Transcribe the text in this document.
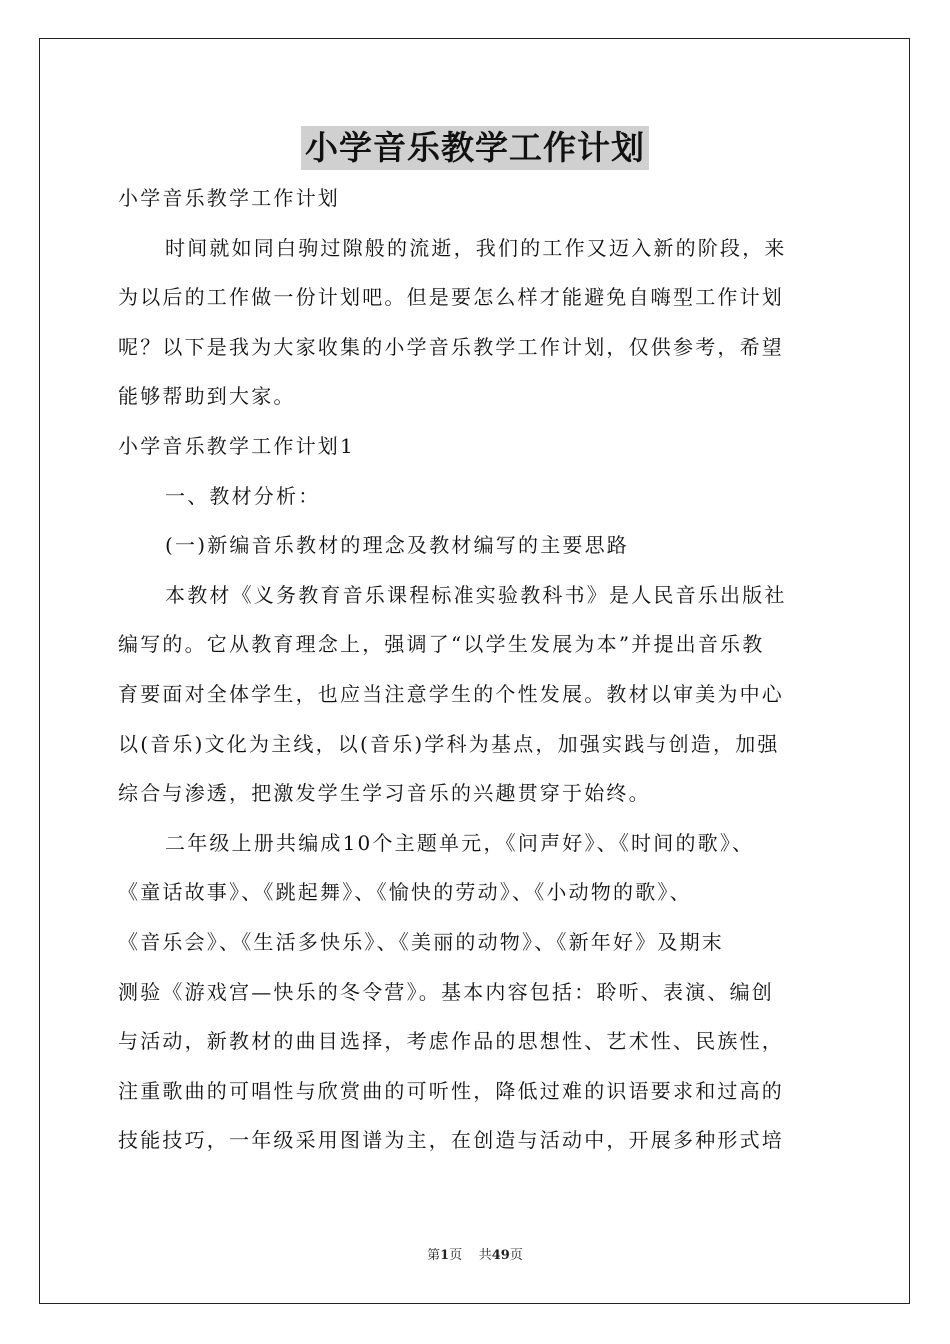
小学音乐教学工作计划
小学音乐教学工作计划
时间就如同白驹过隙般的流逝，我们的工作又迈入新的阶段，来
为以后的工作做一份计划吧。但是要怎么样才能避免自嗨型工作计划
呢？以下是我为大家收集的小学音乐教学工作计划，仅供参考，希望
能够帮助到大家。
小学音乐教学工作计划1
一、教材分析：
(一)新编音乐教材的理念及教材编写的主要思路
本教材《义务教育音乐课程标准实验教科书》是人民音乐出版社
编写的。它从教育理念上，强调了“以学生发展为本”并提出音乐教
育要面对全体学生，也应当注意学生的个性发展。教材以审美为中心
以(音乐)文化为主线，以(音乐)学科为基点，加强实践与创造，加强
综合与渗透，把激发学生学习音乐的兴趣贯穿于始终。
二年级上册共编成10个主题单元，《问声好》、《时间的歌》、
《童话故事》、《跳起舞》、《愉快的劳动》、《小动物的歌》、
《音乐会》、《生活多快乐》、《美丽的动物》、《新年好》及期末
测验《游戏宫—快乐的冬令营》。基本内容包括：聆听、表演、编创
与活动，新教材的曲目选择，考虑作品的思想性、艺术性、民族性，
注重歌曲的可唱性与欣赏曲的可听性，降低过难的识语要求和过高的
技能技巧，一年级采用图谱为主，在创造与活动中，开展多种形式培
第1页 共49页
